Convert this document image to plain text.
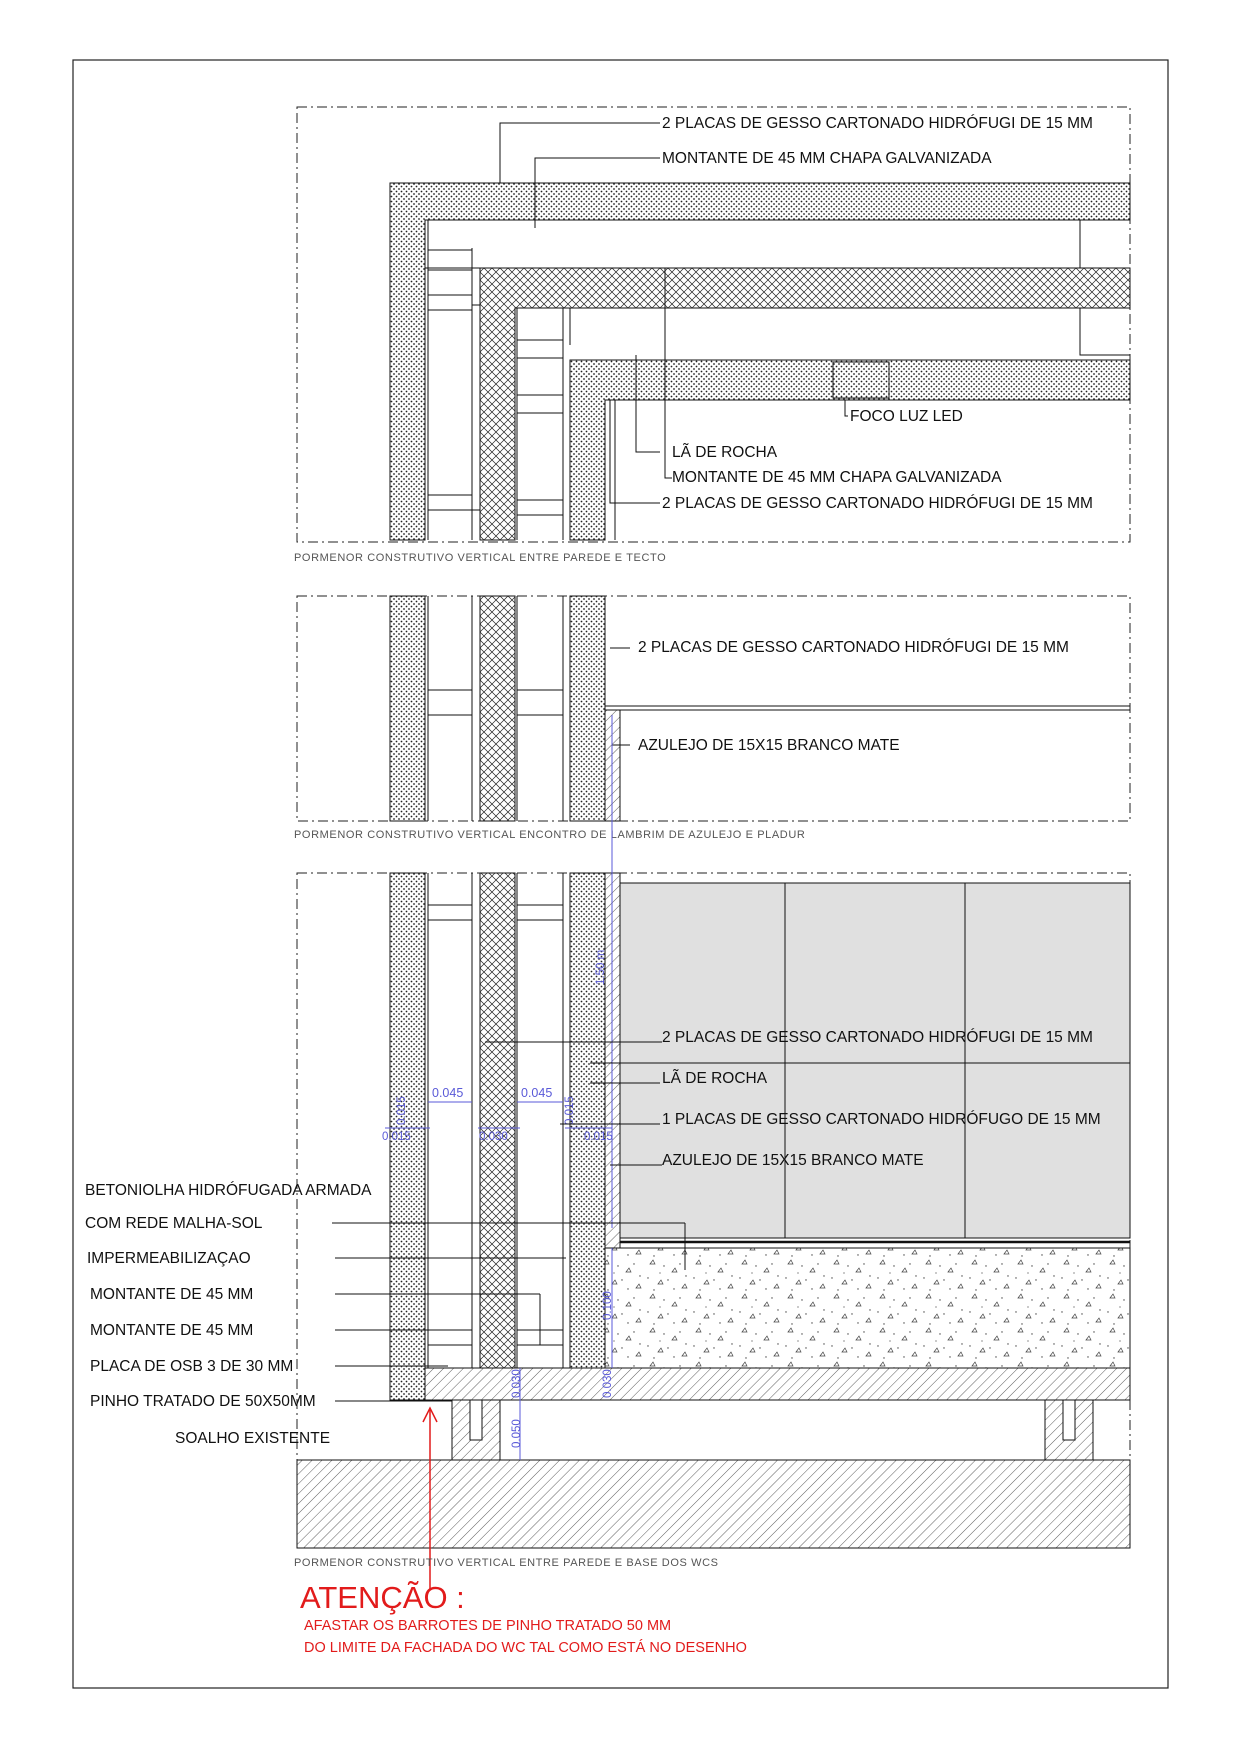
2 PLACAS DE GESSO CARTONADO HIDRÓFUGI DE 15 MM
MONTANTE DE 45 MM CHAPA GALVANIZADA
FOCO LUZ LED
LÃ DE ROCHA
MONTANTE DE 45 MM CHAPA GALVANIZADA
2 PLACAS DE GESSO CARTONADO HIDRÓFUGI DE 15 MM
PORMENOR CONSTRUTIVO VERTICAL ENTRE PAREDE E TECTO
2 PLACAS DE GESSO CARTONADO HIDRÓFUGI DE 15 MM
AZULEJO DE 15X15 BRANCO MATE
PORMENOR CONSTRUTIVO VERTICAL ENCONTRO DE LAMBRIM DE AZULEJO E PLADUR
1.50 m
0.045	0.045
0.015
0.015
0.030
0.015
0.015
0.100
0.030	0.030
0.050
2 PLACAS DE GESSO CARTONADO HIDRÓFUGI DE 15 MM
LÃ DE ROCHA
1 PLACAS DE GESSO CARTONADO HIDRÓFUGO DE 15 MM
AZULEJO DE 15X15 BRANCO MATE
BETONIOLHA HIDRÓFUGADA ARMADA
COM REDE MALHA-SOL
IMPERMEABILIZAÇAO
MONTANTE DE 45 MM
MONTANTE DE 45 MM
PLACA DE OSB 3 DE 30 MM
PINHO TRATADO DE 50X50MM
SOALHO EXISTENTE
PORMENOR CONSTRUTIVO VERTICAL ENTRE PAREDE E BASE DOS WCS
ATENÇÃO :
AFASTAR OS BARROTES DE PINHO TRATADO 50 MM
DO LIMITE DA FACHADA DO WC TAL COMO ESTÁ NO DESENHO
